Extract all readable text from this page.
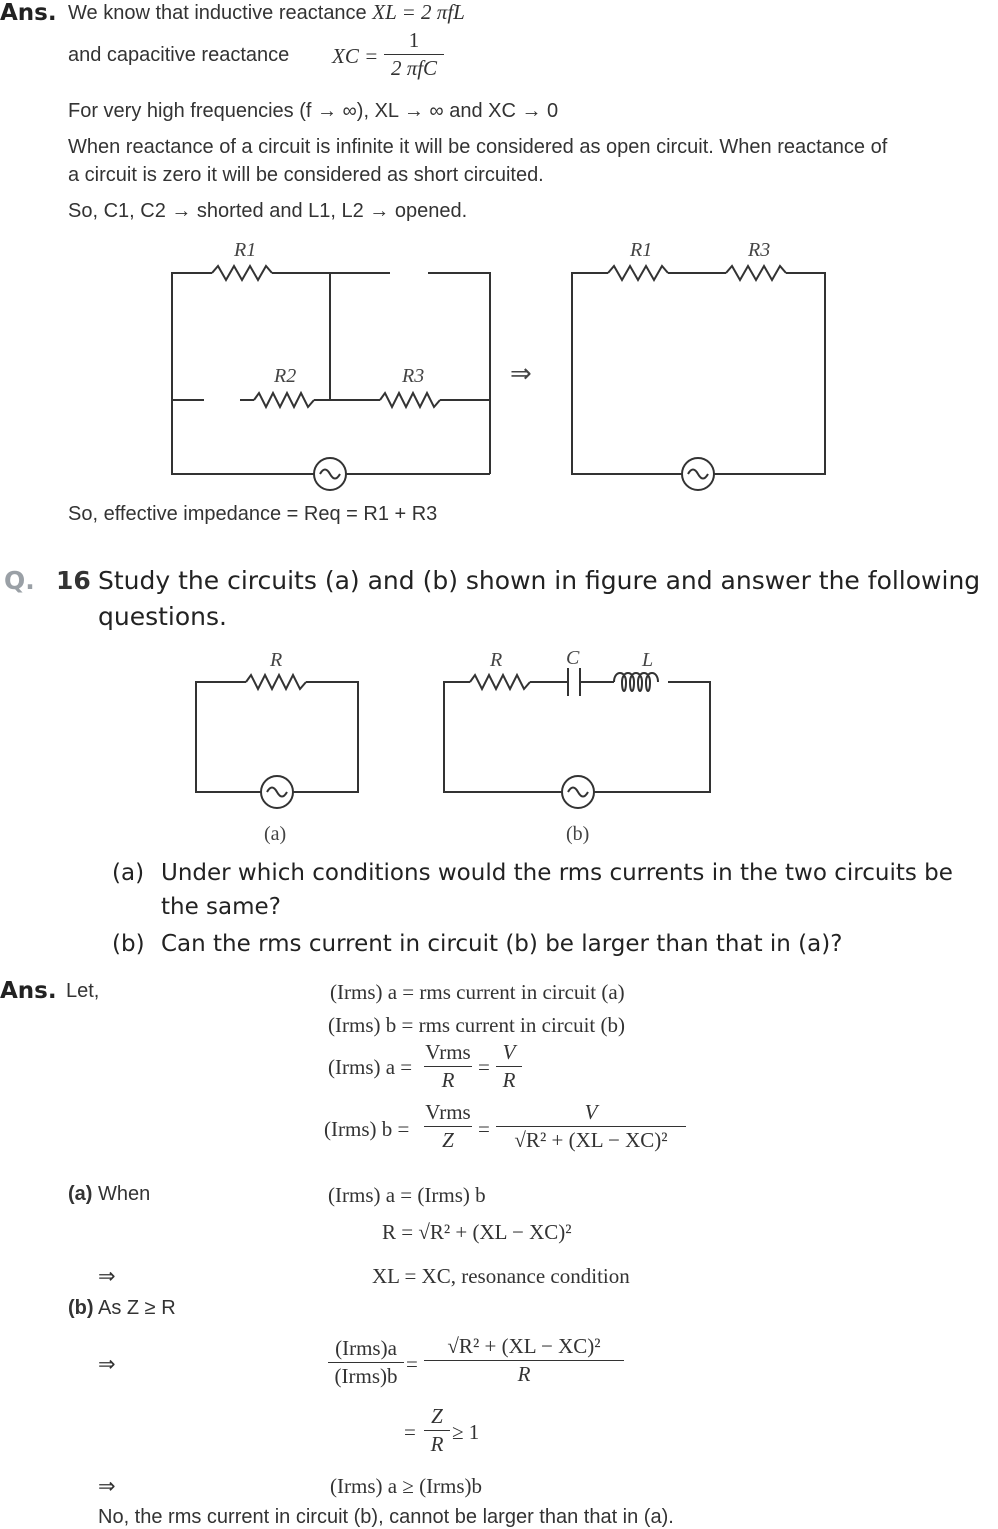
Ans. We know that inductive reactance XL = 2 πfL
and capacitive reactance XC =
1
2 πfC
For very high frequencies (f → ∞), XL → ∞ and XC → 0
When reactance of a circuit is infinite it will be considered as open circuit. When reactance of
a circuit is zero it will be considered as short circuited.
So, C1, C2 → shorted and L1, L2 → opened.
R1
R2	R3
R1	R3
⇒
So, effective impedance = Req = R1 + R3
Q. 16 Study the circuits (a) and (b) shown in figure and answer the following
questions.
R	R	C	L
(a)	(b)
(a) Under which conditions would the rms currents in the two circuits be
the same?
(b) Can the rms current in circuit (b) be larger than that in (a)?
Ans. Let,	(Irms) a = rms current in circuit (a)
(Irms) b = rms current in circuit (b)
(Irms) a =
Vrms
R
=
V
R
(Irms) b =
Vrms
Z	=
V
√R² + (XL − XC)²
(a) When	(Irms) a = (Irms) b
R = √R² + (XL − XC)²
⇒	XL = XC, resonance condition
(b) As Z ≥ R
⇒
(Irms)a
(Irms)b =
√R² + (XL − XC)²
R
=
Z
R ≥ 1
⇒	(Irms) a ≥ (Irms)b
No, the rms current in circuit (b), cannot be larger than that in (a).
